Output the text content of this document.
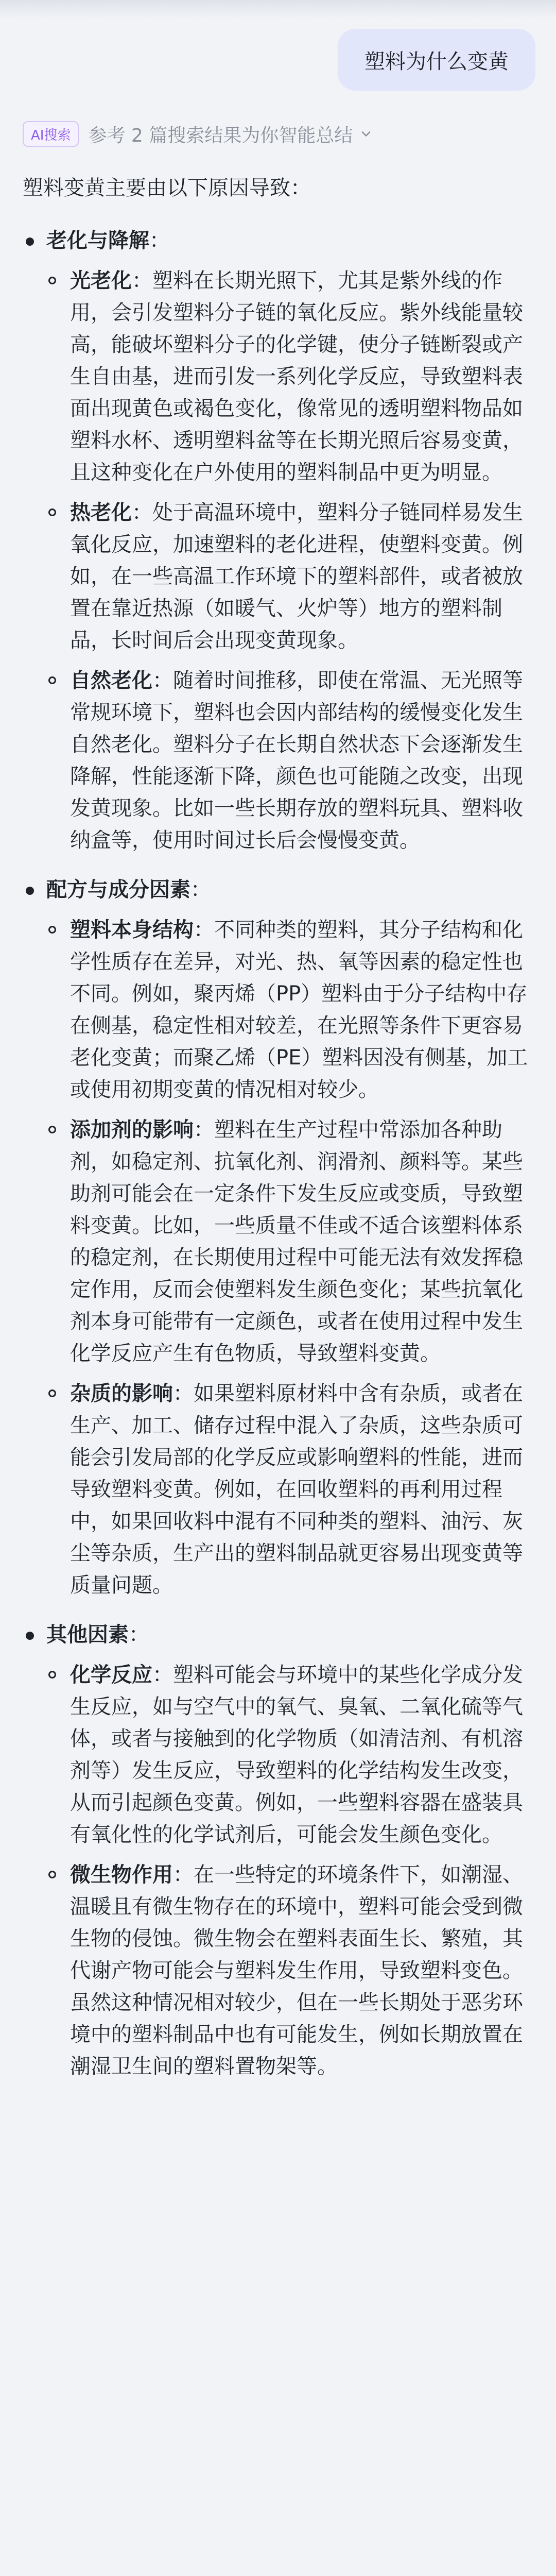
塑料为什么变黄
AI搜索 参考 2 篇搜索结果为你智能总结
塑料变黄主要由以下原因导致：
老化与降解：
光老化：塑料在长期光照下，尤其是紫外线的作用，会引发塑料分子链的氧化反应。紫外线能量较高，能破坏塑料分子的化学键，使分子链断裂或产生自由基，进而引发一系列化学反应，导致塑料表面出现黄色或褐色变化，像常见的透明塑料物品如塑料水杯、透明塑料盆等在长期光照后容易变黄，且这种变化在户外使用的塑料制品中更为明显。
热老化：处于高温环境中，塑料分子链同样易发生氧化反应，加速塑料的老化进程，使塑料变黄。例如，在一些高温工作环境下的塑料部件，或者被放置在靠近热源（如暖气、火炉等）地方的塑料制品，长时间后会出现变黄现象。
自然老化：随着时间推移，即使在常温、无光照等常规环境下，塑料也会因内部结构的缓慢变化发生自然老化。塑料分子在长期自然状态下会逐渐发生降解，性能逐渐下降，颜色也可能随之改变，出现发黄现象。比如一些长期存放的塑料玩具、塑料收纳盒等，使用时间过长后会慢慢变黄。
配方与成分因素：
塑料本身结构：不同种类的塑料，其分子结构和化学性质存在差异，对光、热、氧等因素的稳定性也不同。例如，聚丙烯（PP）塑料由于分子结构中存在侧基，稳定性相对较差，在光照等条件下更容易老化变黄；而聚乙烯（PE）塑料因没有侧基，加工或使用初期变黄的情况相对较少。
添加剂的影响：塑料在生产过程中常添加各种助剂，如稳定剂、抗氧化剂、润滑剂、颜料等。某些助剂可能会在一定条件下发生反应或变质，导致塑料变黄。比如，一些质量不佳或不适合该塑料体系的稳定剂，在长期使用过程中可能无法有效发挥稳定作用，反而会使塑料发生颜色变化；某些抗氧化剂本身可能带有一定颜色，或者在使用过程中发生化学反应产生有色物质，导致塑料变黄。
杂质的影响：如果塑料原材料中含有杂质，或者在生产、加工、储存过程中混入了杂质，这些杂质可能会引发局部的化学反应或影响塑料的性能，进而导致塑料变黄。例如，在回收塑料的再利用过程中，如果回收料中混有不同种类的塑料、油污、灰尘等杂质，生产出的塑料制品就更容易出现变黄等质量问题。
其他因素：
化学反应：塑料可能会与环境中的某些化学成分发生反应，如与空气中的氧气、臭氧、二氧化硫等气体，或者与接触到的化学物质（如清洁剂、有机溶剂等）发生反应，导致塑料的化学结构发生改变，从而引起颜色变黄。例如，一些塑料容器在盛装具有氧化性的化学试剂后，可能会发生颜色变化。
微生物作用：在一些特定的环境条件下，如潮湿、温暖且有微生物存在的环境中，塑料可能会受到微生物的侵蚀。微生物会在塑料表面生长、繁殖，其代谢产物可能会与塑料发生作用，导致塑料变色。虽然这种情况相对较少，但在一些长期处于恶劣环境中的塑料制品中也有可能发生，例如长期放置在潮湿卫生间的塑料置物架等。
